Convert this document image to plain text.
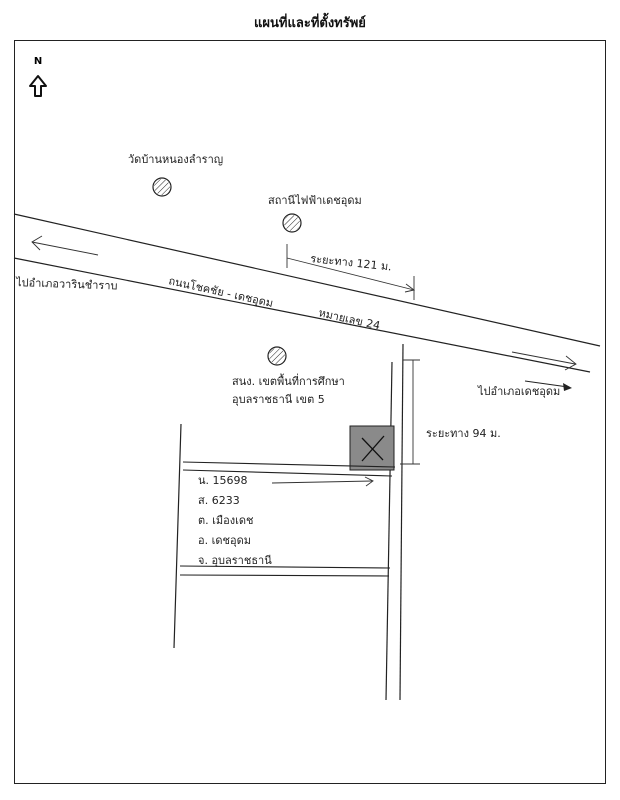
แผนที่และที่ตั้งทรัพย์
N
วัดบ้านหนองลำราญ
สถานีไฟฟ้าเดชอุดม
ระยะทาง 121 ม.
ถนนโชคชัย - เดชอุดม
หมายเลข 24
ไปอำเภอวารินชำราบ
ไปอำเภอเดชอุดม
สนง. เขตพื้นที่การศึกษา
อุบลราชธานี เขต 5
ระยะทาง 94 ม.
น. 15698
ส. 6233
ต. เมืองเดช
อ. เดชอุดม
จ. อุบลราชธานี
